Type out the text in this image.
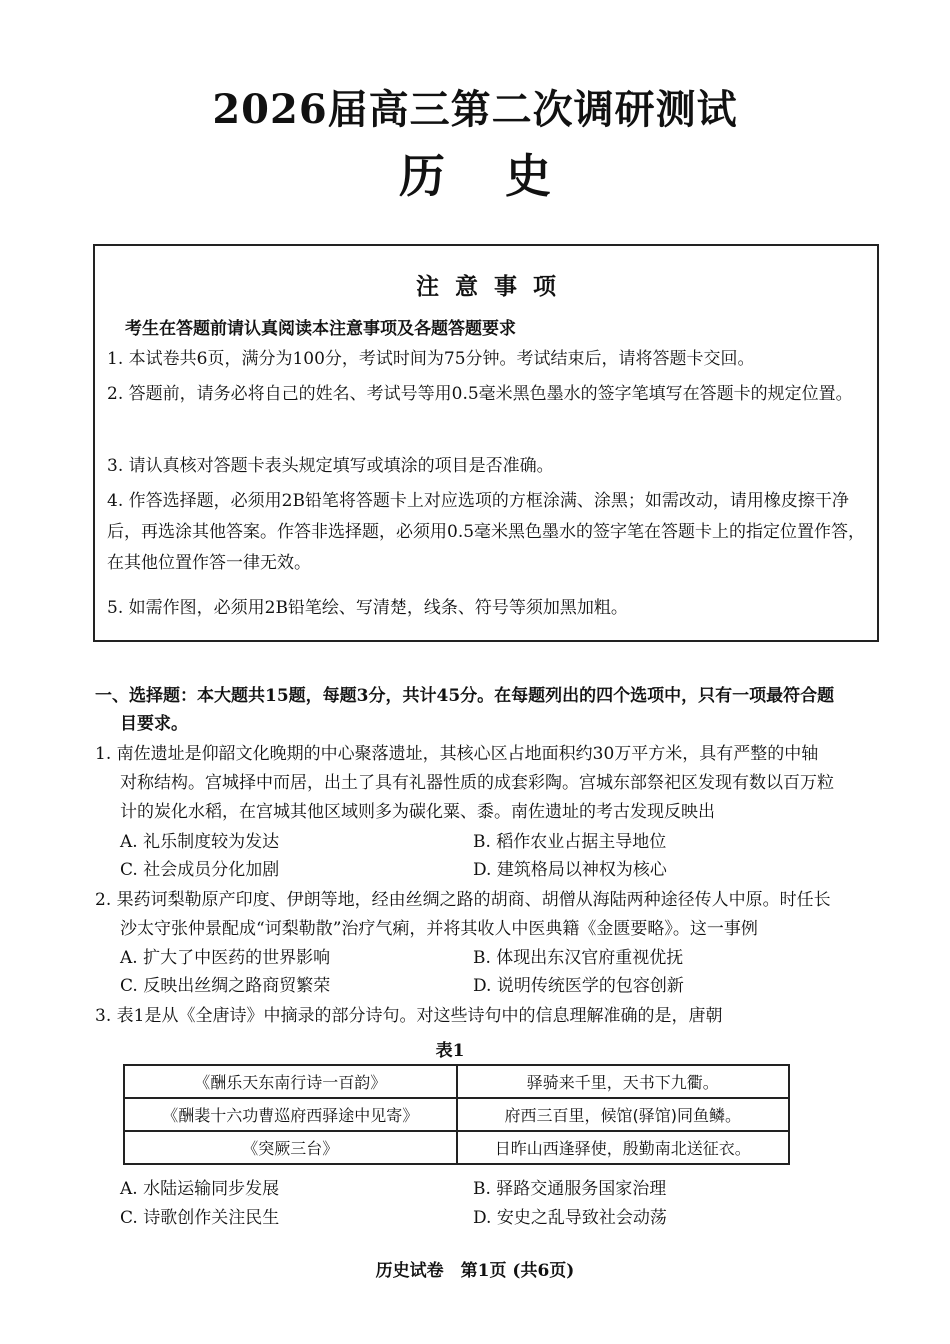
2026届高三第二次调研测试
历史
注意事项
考生在答题前请认真阅读本注意事项及各题答题要求
1. 本试卷共6页，满分为100分，考试时间为75分钟。考试结束后，请将答题卡交回。
2. 答题前，请务必将自己的姓名、考试号等用0.5毫米黑色墨水的签字笔填写在答题卡的规定位置。
3. 请认真核对答题卡表头规定填写或填涂的项目是否准确。
4. 作答选择题，必须用2B铅笔将答题卡上对应选项的方框涂满、涂黑；如需改动，请用橡皮擦干净后，再选涂其他答案。作答非选择题，必须用0.5毫米黑色墨水的签字笔在答题卡上的指定位置作答，在其他位置作答一律无效。
5. 如需作图，必须用2B铅笔绘、写清楚，线条、符号等须加黑加粗。
一、选择题：本大题共15题，每题3分，共计45分。在每题列出的四个选项中，只有一项最符合题
目要求。
1. 南佐遗址是仰韶文化晚期的中心聚落遗址，其核心区占地面积约30万平方米，具有严整的中轴
对称结构。宫城择中而居，出土了具有礼器性质的成套彩陶。宫城东部祭祀区发现有数以百万粒
计的炭化水稻，在宫城其他区域则多为碳化粟、黍。南佐遗址的考古发现反映出
A. 礼乐制度较为发达	B. 稻作农业占据主导地位
C. 社会成员分化加剧	D. 建筑格局以神权为核心
2. 果药诃梨勒原产印度、伊朗等地，经由丝绸之路的胡商、胡僧从海陆两种途径传人中原。时任长
沙太守张仲景配成“诃梨勒散”治疗气痢，并将其收人中医典籍《金匮要略》。这一事例
A. 扩大了中医药的世界影响	B. 体现出东汉官府重视优抚
C. 反映出丝绸之路商贸繁荣	D. 说明传统医学的包容创新
3. 表1是从《全唐诗》中摘录的部分诗句。对这些诗句中的信息理解准确的是，唐朝
表1
《酬乐天东南行诗一百韵》	驿骑来千里，天书下九衢。
《酬裴十六功曹巡府西驿途中见寄》	府西三百里，候馆(驿馆)同鱼鳞。
《突厥三台》	日昨山西逢驿使，殷勤南北送征衣。
A. 水陆运输同步发展	B. 驿路交通服务国家治理
C. 诗歌创作关注民生	D. 安史之乱导致社会动荡
历史试卷　第1页 (共6页)
